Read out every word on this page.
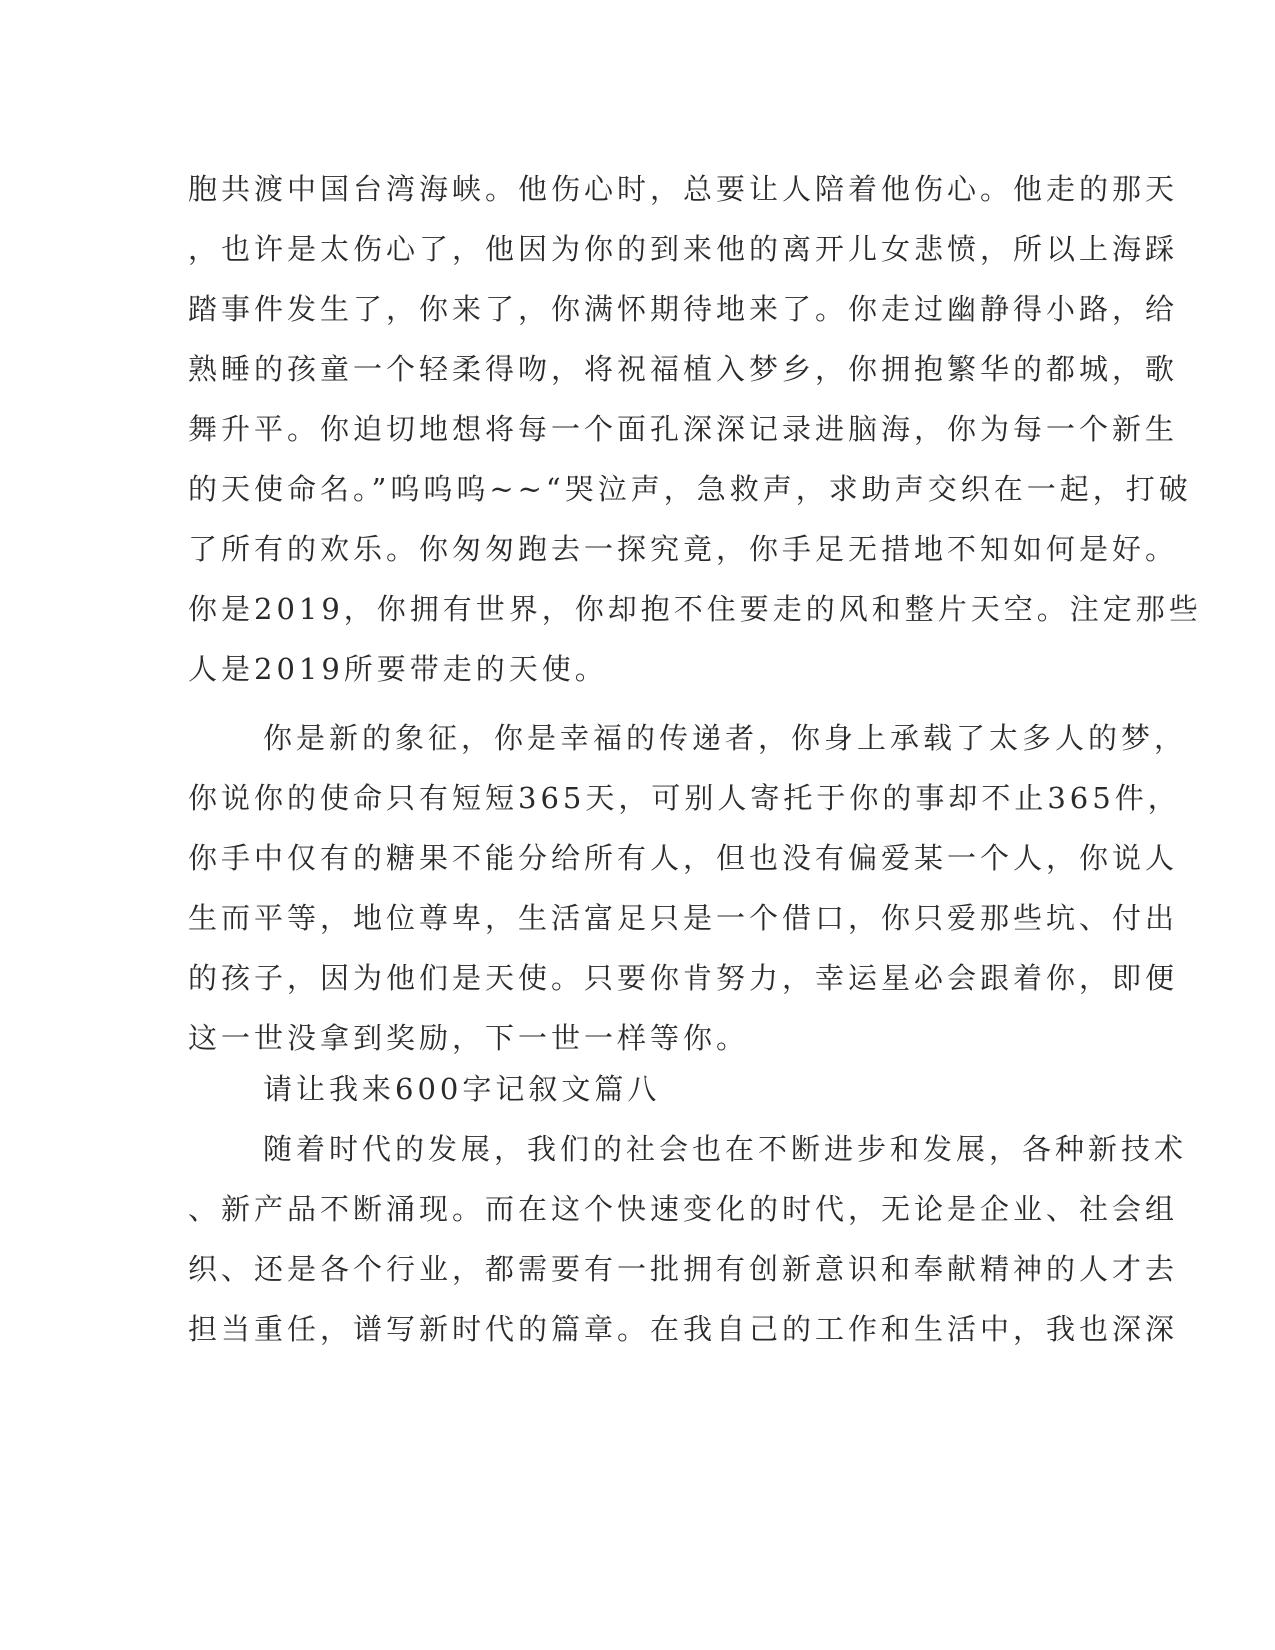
胞共渡中国台湾海峡。他伤心时，总要让人陪着他伤心。他走的那天
，也许是太伤心了，他因为你的到来他的离开儿女悲愤，所以上海踩
踏事件发生了，你来了，你满怀期待地来了。你走过幽静得小路，给
熟睡的孩童一个轻柔得吻，将祝福植入梦乡，你拥抱繁华的都城，歌
舞升平。你迫切地想将每一个面孔深深记录进脑海，你为每一个新生
的天使命名。”呜呜呜~~“哭泣声，急救声，求助声交织在一起，打破
了所有的欢乐。你匆匆跑去一探究竟，你手足无措地不知如何是好。
你是2019，你拥有世界，你却抱不住要走的风和整片天空。注定那些
人是2019所要带走的天使。
你是新的象征，你是幸福的传递者，你身上承载了太多人的梦，
你说你的使命只有短短365天，可别人寄托于你的事却不止365件，
你手中仅有的糖果不能分给所有人，但也没有偏爱某一个人，你说人
生而平等，地位尊卑，生活富足只是一个借口，你只爱那些坑、付出
的孩子，因为他们是天使。只要你肯努力，幸运星必会跟着你，即便
这一世没拿到奖励，下一世一样等你。
请让我来600字记叙文篇八
随着时代的发展，我们的社会也在不断进步和发展，各种新技术
、新产品不断涌现。而在这个快速变化的时代，无论是企业、社会组
织、还是各个行业，都需要有一批拥有创新意识和奉献精神的人才去
担当重任，谱写新时代的篇章。在我自己的工作和生活中，我也深深
